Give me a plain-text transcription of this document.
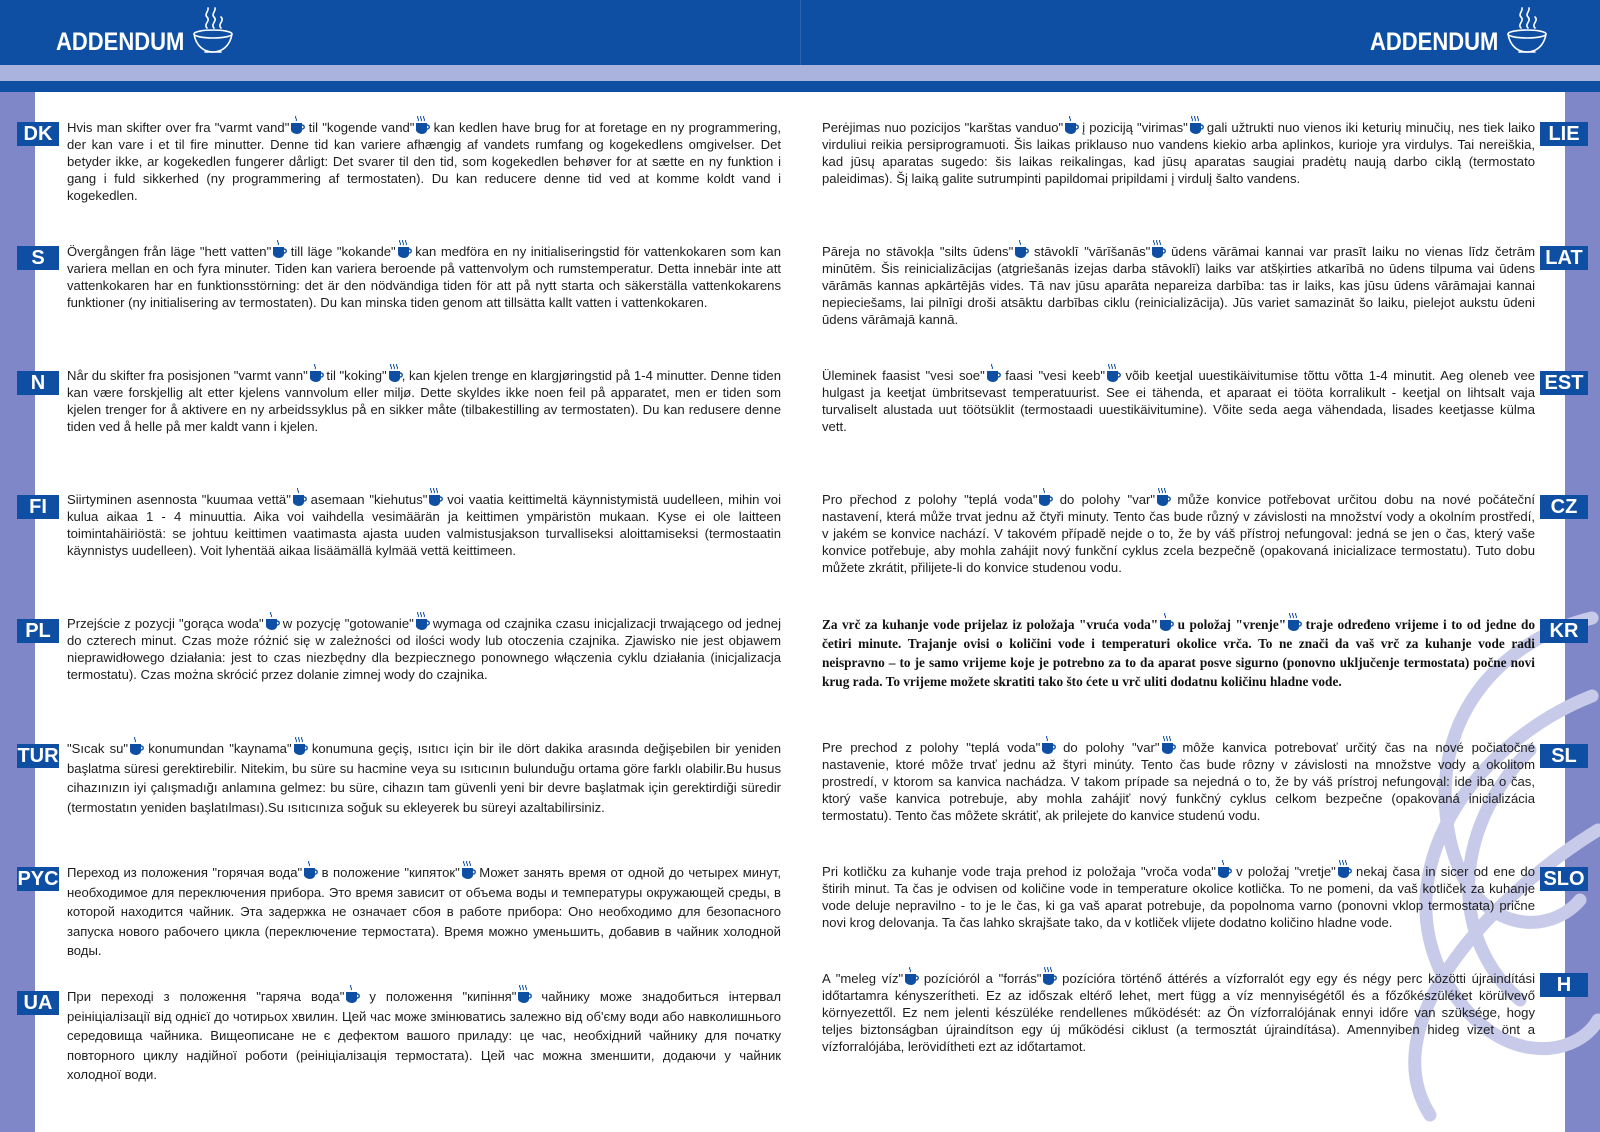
ADDENDUM	ADDENDUM
DK
S
N
FI
PL
TUR
PYC
UA
LIE
LAT
EST
CZ
KR
SL
SLO
H
Hvis man skifter over fra "varmt vand"
til "kogende vand"
kan kedlen have brug for at foretage en ny programmering, der kan vare i et til fire minutter. Denne tid kan variere afhængig af vandets rumfang og kogekedlens omgivelser. Det betyder ikke, ar kogekedlen fungerer dårligt: Det svarer til den tid, som kogekedlen behøver for at sætte en ny funktion i gang i fuld sikkerhed (ny programmering af termostaten). Du kan reducere denne tid ved at komme koldt vand i kogekedlen.
Övergången från läge "hett vatten"
till läge "kokande"
kan medföra en ny initialiseringstid för vattenkokaren som kan variera mellan en och fyra minuter. Tiden kan variera beroende på vattenvolym och rumstemperatur. Detta innebär inte att vattenkokaren har en funktionsstörning: det är den nödvändiga tiden för att på nytt starta och säkerställa vattenkokarens funktioner (ny initialisering av termostaten). Du kan minska tiden genom att tillsätta kallt vatten i vattenkokaren.
Når du skifter fra posisjonen "varmt vann"
til "koking" , kan kjelen trenge en klargjøringstid på 1-4 minutter. Denne tiden kan være forskjellig alt etter kjelens vannvolum eller miljø. Dette skyldes ikke noen feil på apparatet, men er tiden som kjelen trenger for å aktivere en ny arbeidssyklus på en sikker måte (tilbakestilling av termostaten). Du kan redusere denne tiden ved å helle på mer kaldt vann i kjelen.
Siirtyminen asennosta "kuumaa vettä"
asemaan "kiehutus"
voi vaatia keittimeltä käynnistymistä uudelleen, mihin voi kulua aikaa 1 - 4 minuuttia. Aika voi vaihdella vesimäärän ja keittimen ympäristön mukaan. Kyse ei ole laitteen toimintahäiriöstä: se johtuu keittimen vaatimasta ajasta uuden valmistusjakson turvalliseksi aloittamiseksi (termostaatin käynnistys uudelleen). Voit lyhentää aikaa lisäämällä kylmää vettä keittimeen.
Przejście z pozycji "gorąca woda"
w pozycję "gotowanie"
wymaga od czajnika czasu inicjalizacji trwającego od jednej do czterech minut. Czas może różnić się w zależności od ilości wody lub otoczenia czajnika. Zjawisko nie jest objawem nieprawidłowego działania: jest to czas niezbędny dla bezpiecznego ponownego włączenia cyklu działania (inicjalizacja termostatu). Czas można skrócić przez dolanie zimnej wody do czajnika.
"Sıcak su"
konumundan "kaynama"
konumuna geçiş, ısıtıcı için bir ile dört dakika arasında değişebilen bir yeniden başlatma süresi gerektirebilir. Nitekim, bu süre su hacmine veya su ısıtıcının bulunduğu ortama göre farklı olabilir.Bu husus cihazınızın iyi çalışmadığı anlamına gelmez: bu süre, cihazın tam güvenli yeni bir devre başlatmak için gerektirdiği süredir (termostatın yeniden başlatılması).Su ısıtıcınıza soğuk su ekleyerek bu süreyi azaltabilirsiniz.
Переход из положения "горячая вода"
в положение "кипяток"
Может занять время от одной до четырех минут, необходимое для переключения прибора. Это время зависит от объема воды и температуры окружающей среды, в которой находится чайник. Эта задержка не означает сбоя в работе прибора: Оно необходимо для безопасного запуска нового рабочего цикла (переключение термостата). Время можно уменьшить, добавив в чайник холодной воды.
При переході з положення "гаряча вода"
у положення "кипіння"
чайнику може знадобиться інтервал реініціалізації від однієї до чотирьох хвилин. Цей час може змінюватись залежно від об'єму води або навколишнього середовища чайника. Вищеописане не є дефектом вашого приладу: це час, необхідний чайнику для початку повторного циклу надійної роботи (реініціалізація термостата). Цей час можна зменшити, додаючи у чайник холодної води.
Perėjimas nuo pozicijos "karštas vanduo"
į poziciją "virimas"
gali užtrukti nuo vienos iki keturių minučių, nes tiek laiko virduliui reikia persiprogramuoti. Šis laikas priklauso nuo vandens kiekio arba aplinkos, kurioje yra virdulys. Tai nereiškia, kad jūsų aparatas sugedo: šis laikas reikalingas, kad jūsų aparatas saugiai pradėtų naują darbo ciklą (termostato paleidimas). Šį laiką galite sutrumpinti papildomai pripildami į virdulį šalto vandens.
Pāreja no stāvokļa "silts ūdens"
stāvoklī "vārīšanās"
ūdens vārāmai kannai var prasīt laiku no vienas līdz četrām minūtēm. Šis reinicializācijas (atgriešanās izejas darba stāvoklī) laiks var atšķirties atkarībā no ūdens tilpuma vai ūdens vārāmās kannas apkārtējās vides. Tā nav jūsu aparāta nepareiza darbība: tas ir laiks, kas jūsu ūdens vārāmajai kannai nepieciešams, lai pilnīgi droši atsāktu darbības ciklu (reinicializācija). Jūs variet samazināt šo laiku, pielejot aukstu ūdeni ūdens vārāmajā kannā.
Üleminek faasist "vesi soe"
faasi "vesi keeb"
võib keetjal uuestikäivitumise tõttu võtta 1-4 minutit. Aeg oleneb vee hulgast ja keetjat ümbritsevast temperatuurist. See ei tähenda, et aparaat ei tööta korralikult - keetjal on lihtsalt vaja turvaliselt alustada uut töötsüklit (termostaadi uuestikäivitumine). Võite seda aega vähendada, lisades keetjasse külma vett.
Pro přechod z polohy "teplá voda"
do polohy "var"
může konvice potřebovat určitou dobu na nové počáteční nastavení, která může trvat jednu až čtyři minuty. Tento čas bude různý v závislosti na množství vody a okolním prostředí, v jakém se konvice nachází. V takovém případě nejde o to, že by váš přístroj nefungoval: jedná se jen o čas, který vaše konvice potřebuje, aby mohla zahájit nový funkční cyklus zcela bezpečně (opakovaná inicializace termostatu). Tuto dobu můžete zkrátit, přilijete-li do konvice studenou vodu.
Za vrč za kuhanje vode prijelaz iz položaja "vruća voda"
u položaj "vrenje"
traje određeno vrijeme i to od jedne do četiri minute. Trajanje ovisi o količini vode i temperaturi okolice vrča. To ne znači da vaš vrč za kuhanje vode radi neispravno – to je samo vrijeme koje je potrebno za to da aparat posve sigurno (ponovno uključenje termostata) počne novi krug rada. To vrijeme možete skratiti tako što ćete u vrč uliti dodatnu količinu hladne vode.
Pre prechod z polohy "teplá voda"
do polohy "var"
môže kanvica potrebovať určitý čas na nové počiatočné nastavenie, ktoré môže trvať jednu až štyri minúty. Tento čas bude rôzny v závislosti na množstve vody a okolitom prostredí, v ktorom sa kanvica nachádza. V takom prípade sa nejedná o to, že by váš prístroj nefungoval: ide iba o čas, ktorý vaše kanvica potrebuje, aby mohla zahájiť nový funkčný cyklus celkom bezpečne (opakovaná inicializácia termostatu). Tento čas môžete skrátiť, ak prilejete do kanvice studenú vodu.
Pri kotličku za kuhanje vode traja prehod iz položaja "vroča voda"
v položaj "vretje"
nekaj časa in sicer od ene do štirih minut. Ta čas je odvisen od količine vode in temperature okolice kotlička. To ne pomeni, da vaš kotliček za kuhanje vode deluje nepravilno - to je le čas, ki ga vaš aparat potrebuje, da popolnoma varno (ponovni vklop termostata) prične novi krog delovanja. Ta čas lahko skrajšate tako, da v kotliček vlijete dodatno količino hladne vode.
A "meleg víz"
pozícióról a "forrás"
pozícióra történő áttérés a vízforralót egy egy és négy perc közötti újraindítási időtartamra kényszerítheti. Ez az időszak eltérő lehet, mert függ a víz mennyiségétől és a főzőkészüléket körülvevő környezettől. Ez nem jelenti készüléke rendellenes működését: az Ön vízforralójának ennyi időre van szüksége, hogy teljes biztonságban újraindítson egy új működési ciklust (a termosztát újraindítása). Amennyiben hideg vizet önt a vízforralójába, lerövidítheti ezt az időtartamot.
